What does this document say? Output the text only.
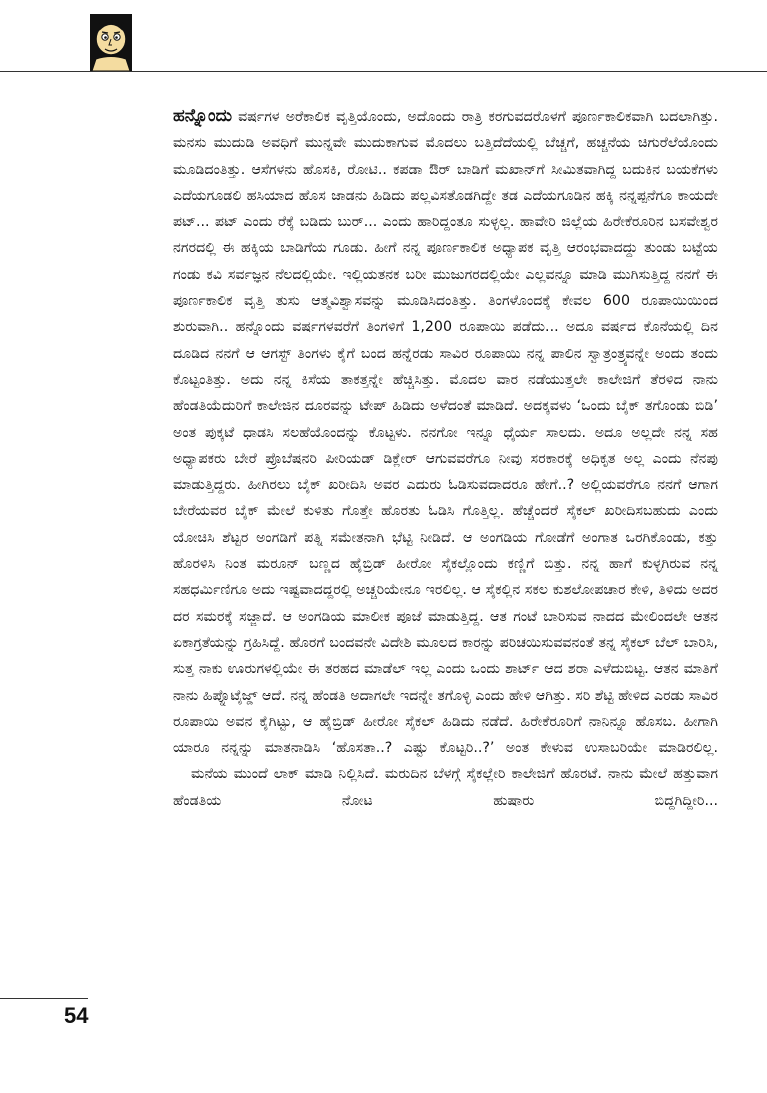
ಹನ್ನೊಂದು ವರ್ಷಗಳ ಅರೆಕಾಲಿಕ ವೃತ್ತಿಯೊಂದು, ಅದೊಂದು ರಾತ್ರಿ ಕರಗುವದರೊಳಗೆ ಪೂರ್ಣಕಾಲಿಕವಾಗಿ ಬದಲಾಗಿತ್ತು. ಮನಸು ಮುದುಡಿ ಅವಧಿಗೆ ಮುನ್ನವೇ ಮುದುಕಾಗುವ ಮೊದಲು ಬತ್ತಿದೆದೆಯಲ್ಲಿ ಬೆಚ್ಚಗೆ, ಹಚ್ಚನೆಯ ಚಿಗುರೆಲೆಯೊಂದು ಮೂಡಿದಂತಿತ್ತು. ಆಸೆಗಳನು ಹೊಸಕಿ, ರೋಟಿ.. ಕಪಡಾ ಔರ್ ಬಾಡಿಗೆ ಮಖಾನ್‌ಗೆ ಸೀಮಿತವಾಗಿದ್ದ ಬದುಕಿನ ಬಯಕೆಗಳು ಎದೆಯಗೂಡಲಿ ಹಸಿಯಾದ ಹೊಸ ಜಾಡನು ಹಿಡಿದು ಪಲ್ಲವಿಸತೊಡಗಿದ್ದೇ ತಡ ಎದೆಯಗೂಡಿನ ಹಕ್ಕಿ ನನ್ನಪ್ಪನೆಗೂ ಕಾಯದೇ ಪಟ್... ಪಟ್ ಎಂದು ರೆಕ್ಕೆ ಬಡಿದು ಬುರ್... ಎಂದು ಹಾರಿದ್ದಂತೂ ಸುಳ್ಳಲ್ಲ. ಹಾವೇರಿ ಜಿಲ್ಲೆಯ ಹಿರೇಕೆರೂರಿನ ಬಸವೇಶ್ವರ ನಗರದಲ್ಲಿ ಈ ಹಕ್ಕಿಯ ಬಾಡಿಗೆಯ ಗೂಡು. ಹೀಗೆ ನನ್ನ ಪೂರ್ಣಕಾಲಿಕ ಅಧ್ಯಾಪಕ ವೃತ್ತಿ ಆರಂಭವಾದದ್ದು ತುಂಡು ಬಟ್ಟೆಯ ಗಂಡು ಕವಿ ಸರ್ವಜ್ಞನ ನೆಲದಲ್ಲಿಯೇ. ಇಲ್ಲಿಯತನಕ ಬರೀ ಮುಜುಗರದಲ್ಲಿಯೇ ಎಲ್ಲವನ್ನೂ ಮಾಡಿ ಮುಗಿಸುತ್ತಿದ್ದ ನನಗೆ ಈ ಪೂರ್ಣಕಾಲಿಕ ವೃತ್ತಿ ತುಸು ಆತ್ಮವಿಶ್ವಾಸವನ್ನು ಮೂಡಿಸಿದಂತಿತ್ತು. ತಿಂಗಳೊಂದಕ್ಕೆ ಕೇವಲ 600 ರೂಪಾಯಿಯಿಂದ ಶುರುವಾಗಿ.. ಹನ್ನೊಂದು ವರ್ಷಗಳವರೆಗೆ ತಿಂಗಳಿಗೆ 1,200 ರೂಪಾಯಿ ಪಡೆದು... ಅದೂ ವರ್ಷದ ಕೊನೆಯಲ್ಲಿ ದಿನ ದೂಡಿದ ನನಗೆ ಆ ಆಗಸ್ಟ್ ತಿಂಗಳು ಕೈಗೆ ಬಂದ ಹನ್ನೆರಡು ಸಾವಿರ ರೂಪಾಯಿ ನನ್ನ ಪಾಲಿನ ಸ್ವಾತ್ರಂತ್ರ್ಯವನ್ನೇ ಅಂದು ತಂದು ಕೊಟ್ಟಂತಿತ್ತು. ಅದು ನನ್ನ ಕಿಸೆಯ ತಾಕತ್ತನ್ನೇ ಹೆಚ್ಚಿಸಿತ್ತು. ಮೊದಲ ವಾರ ನಡೆಯುತ್ತಲೇ ಕಾಲೇಜಿಗೆ ತೆರಳಿದ ನಾನು ಹೆಂಡತಿಯೆದುರಿಗೆ ಕಾಲೇಜಿನ ದೂರವನ್ನು ಟೇಪ್ ಹಿಡಿದು ಅಳೆದಂತೆ ಮಾಡಿದೆ. ಅದಕ್ಕವಳು ‘ಒಂದು ಬೈಕ್ ತಗೊಂಡು ಬಿಡಿ’ ಅಂತ ಪುಕ್ಕಟೆ ಧಾಡಸಿ ಸಲಹೆಯೊಂದನ್ನು ಕೊಟ್ಟಳು. ನನಗೋ ಇನ್ನೂ ಧೈರ್ಯ ಸಾಲದು. ಅದೂ ಅಲ್ಲದೇ ನನ್ನ ಸಹ ಅಧ್ಯಾಪಕರು ಬೇರೆ ಪ್ರೊಬೆಷನರಿ ಪೀರಿಯಡ್ ಡಿಕ್ಲೇರ್ ಆಗುವವರೆಗೂ ನೀವು ಸರಕಾರಕ್ಕೆ ಅಧಿಕೃತ ಅಲ್ಲ ಎಂದು ನೆನಪು ಮಾಡುತ್ತಿದ್ದರು. ಹೀಗಿರಲು ಬೈಕ್ ಖರೀದಿಸಿ ಅವರ ಎದುರು ಓಡಿಸುವದಾದರೂ ಹೇಗೆ..? ಅಲ್ಲಿಯವರೆಗೂ ನನಗೆ ಆಗಾಗ ಬೇರೆಯವರ ಬೈಕ್ ಮೇಲೆ ಕುಳಿತು ಗೊತ್ತೇ ಹೊರತು ಓಡಿಸಿ ಗೊತ್ತಿಲ್ಲ. ಹೆಚ್ಚೆಂದರೆ ಸೈಕಲ್ ಖರೀದಿಸಬಹುದು ಎಂದು ಯೋಚಿಸಿ ಶೆಟ್ಟರ ಅಂಗಡಿಗೆ ಪತ್ನಿ ಸಮೇತನಾಗಿ ಭೆಟ್ಟಿ ನೀಡಿದೆ. ಆ ಅಂಗಡಿಯ ಗೋಡೆಗೆ ಅಂಗಾತ ಒರಗಿಕೊಂಡು, ಕತ್ತು ಹೊರಳಿಸಿ ನಿಂತ ಮರೂನ್ ಬಣ್ಣದ ಹೈಬ್ರಿಡ್ ಹೀರೋ ಸೈಕಲ್ಲೊಂದು ಕಣ್ಣಿಗೆ ಬಿತ್ತು. ನನ್ನ ಹಾಗೆ ಕುಳ್ಳಗಿರುವ ನನ್ನ ಸಹಧರ್ಮಿಣಿಗೂ ಅದು ಇಷ್ಟವಾದದ್ದರಲ್ಲಿ ಅಚ್ಚರಿಯೇನೂ ಇರಲಿಲ್ಲ. ಆ ಸೈಕಲ್ಲಿನ ಸಕಲ ಕುಶಲೋಪಚಾರ ಕೇಳಿ, ತಿಳಿದು ಅದರ ದರ ಸಮರಕ್ಕೆ ಸಜ್ಜಾದೆ. ಆ ಅಂಗಡಿಯ ಮಾಲೀಕ ಪೂಜೆ ಮಾಡುತ್ತಿದ್ದ. ಆತ ಗಂಟೆ ಬಾರಿಸುವ ನಾದದ ಮೇಲಿಂದಲೇ ಆತನ ಏಕಾಗ್ರತೆಯನ್ನು ಗ್ರಹಿಸಿದ್ದೆ. ಹೊರಗೆ ಬಂದವನೇ ವಿದೇಶಿ ಮೂಲದ ಕಾರನ್ನು ಪರಿಚಯಿಸುವವನಂತೆ ತನ್ನ ಸೈಕಲ್ ಬೆಲ್ ಬಾರಿಸಿ, ಸುತ್ತ ನಾಕು ಊರುಗಳಲ್ಲಿಯೇ ಈ ತರಹದ ಮಾಡೆಲ್ ಇಲ್ಲ ಎಂದು ಒಂದು ಶಾರ್ಟ್ ಆದ ಶರಾ ಎಳೆದುಬಿಟ್ಟ. ಆತನ ಮಾತಿಗೆ ನಾನು ಹಿಪ್ನೊಟೈಜ್ಡ್ ಆದೆ. ನನ್ನ ಹೆಂಡತಿ ಅದಾಗಲೇ ಇದನ್ನೇ ತಗೊಳ್ಳಿ ಎಂದು ಹೇಳಿ ಆಗಿತ್ತು. ಸರಿ ಶೆಟ್ಟಿ ಹೇಳಿದ ಎರಡು ಸಾವಿರ ರೂಪಾಯಿ ಅವನ ಕೈಗಿಟ್ಟು, ಆ ಹೈಬ್ರಿಡ್ ಹೀರೋ ಸೈಕಲ್ ಹಿಡಿದು ನಡೆದೆ. ಹಿರೇಕೆರೂರಿಗೆ ನಾನಿನ್ನೂ ಹೊಸಬ. ಹೀಗಾಗಿ ಯಾರೂ ನನ್ನನ್ನು ಮಾತನಾಡಿಸಿ ‘ಹೊಸತಾ..? ಎಷ್ಟು ಕೊಟ್ಟರಿ..?’ ಅಂತ ಕೇಳುವ ಉಸಾಬರಿಯೇ ಮಾಡಿರಲಿಲ್ಲ.

ಮನೆಯ ಮುಂದೆ ಲಾಕ್ ಮಾಡಿ ನಿಲ್ಲಿಸಿದೆ. ಮರುದಿನ ಬೆಳಗ್ಗೆ ಸೈಕಲ್ಲೇರಿ ಕಾಲೇಜಿಗೆ ಹೊರಟೆ. ನಾನು ಮೇಲೆ ಹತ್ತುವಾಗ ಹೆಂಡತಿಯ ನೋಟ ಹುಷಾರು ಬಿದ್ದಗಿದ್ದೀರಿ...

54
